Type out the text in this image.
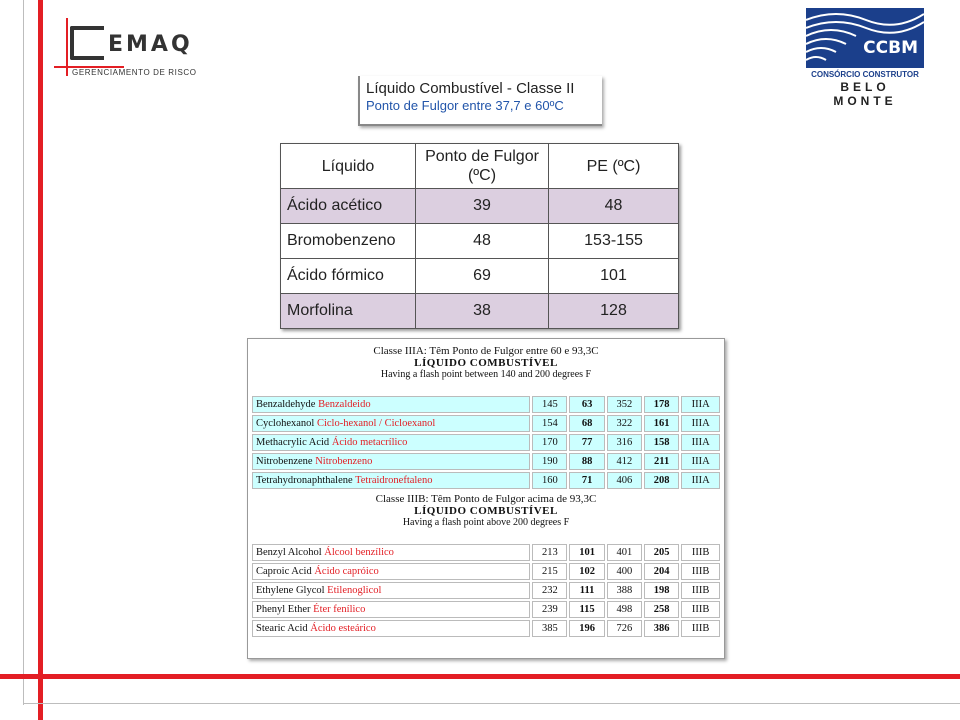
EMAQ
GERENCIAMENTO DE RISCO
CCBM
CONSÓRCIO CONSTRUTOR
BELO MONTE
Líquido Combustível - Classe II
Ponto de Fulgor entre 37,7 e 60ºC
Líquido	Ponto de Fulgor (ºC)	PE (ºC)
Ácido acético	39	48
Bromobenzeno	48	153-155
Ácido fórmico	69	101
Morfolina	38	128
Classe IIIA: Têm Ponto de Fulgor entre 60 e 93,3C
LÍQUIDO COMBUSTÍVEL
Having a flash point between 140 and 200 degrees F					

Benzaldehyde Benzaldeido	145	63	352	178	IIIA
Cyclohexanol Ciclo-hexanol / Cicloexanol	154	68	322	161	IIIA
Methacrylic Acid Ácido metacrílico	170	77	316	158	IIIA
Nitrobenzene Nitrobenzeno	190	88	412	211	IIIA
Tetrahydronaphthalene Tetraidroneftaleno	160	71	406	208	IIIA

Classe IIIB: Têm Ponto de Fulgor acima de 93,3C
LÍQUIDO COMBUSTÍVEL
Having a flash point above 200 degrees F					

Benzyl Alcohol Álcool benzílico	213	101	401	205	IIIB
Caproic Acid Ácido capróico	215	102	400	204	IIIB
Ethylene Glycol Etilenoglicol	232	111	388	198	IIIB
Phenyl Ether Éter fenílico	239	115	498	258	IIIB
Stearic Acid Ácido esteárico	385	196	726	386	IIIB
